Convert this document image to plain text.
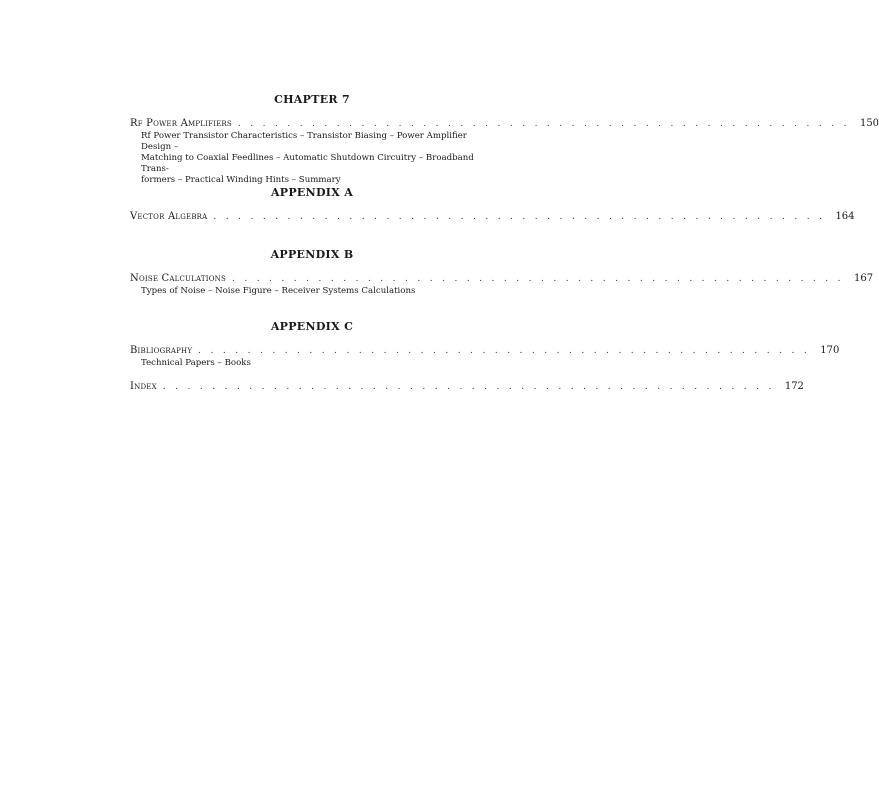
CHAPTER 7
Rf Power Amplifiers .................................................. 150
Rf Power Transistor Characteristics – Transistor Biasing – Power Amplifier Design –
Matching to Coaxial Feedlines – Automatic Shutdown Circuitry – Broadband Trans-
formers – Practical Winding Hints – Summary
APPENDIX A
Vector Algebra .................................................. 164
APPENDIX B
Noise Calculations .................................................. 167
Types of Noise – Noise Figure – Receiver Systems Calculations
APPENDIX C
Bibliography .................................................. 170
Technical Papers – Books
Index .................................................. 172
